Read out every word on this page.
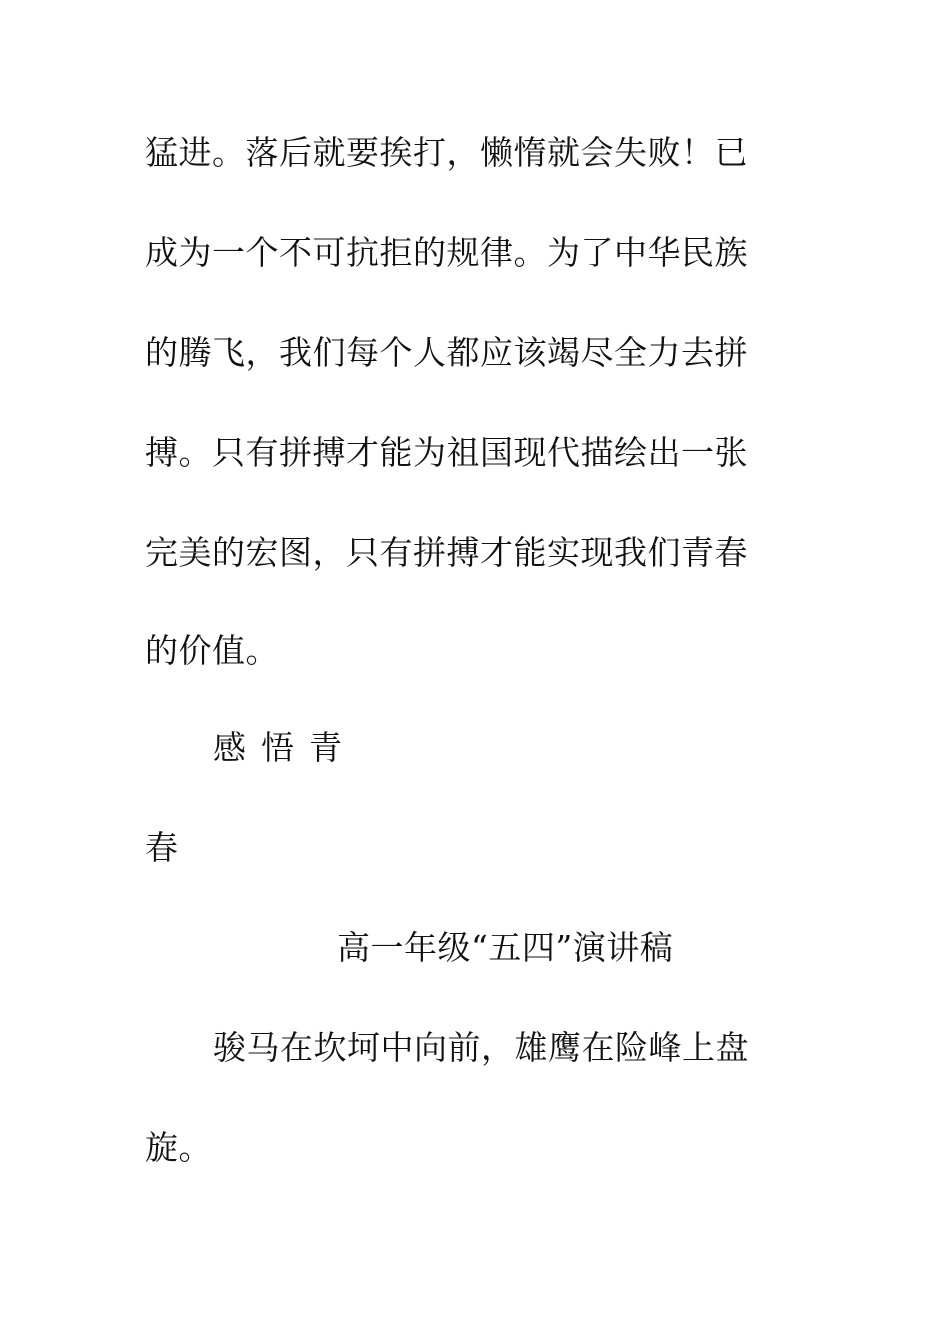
猛进。落后就要挨打，懒惰就会失败！已
成为一个不可抗拒的规律。为了中华民族
的腾飞，我们每个人都应该竭尽全力去拼
搏。只有拼搏才能为祖国现代描绘出一张
完美的宏图，只有拼搏才能实现我们青春
的价值。
感悟青
春
高一年级“五四”演讲稿
骏马在坎坷中向前，雄鹰在险峰上盘
旋。
